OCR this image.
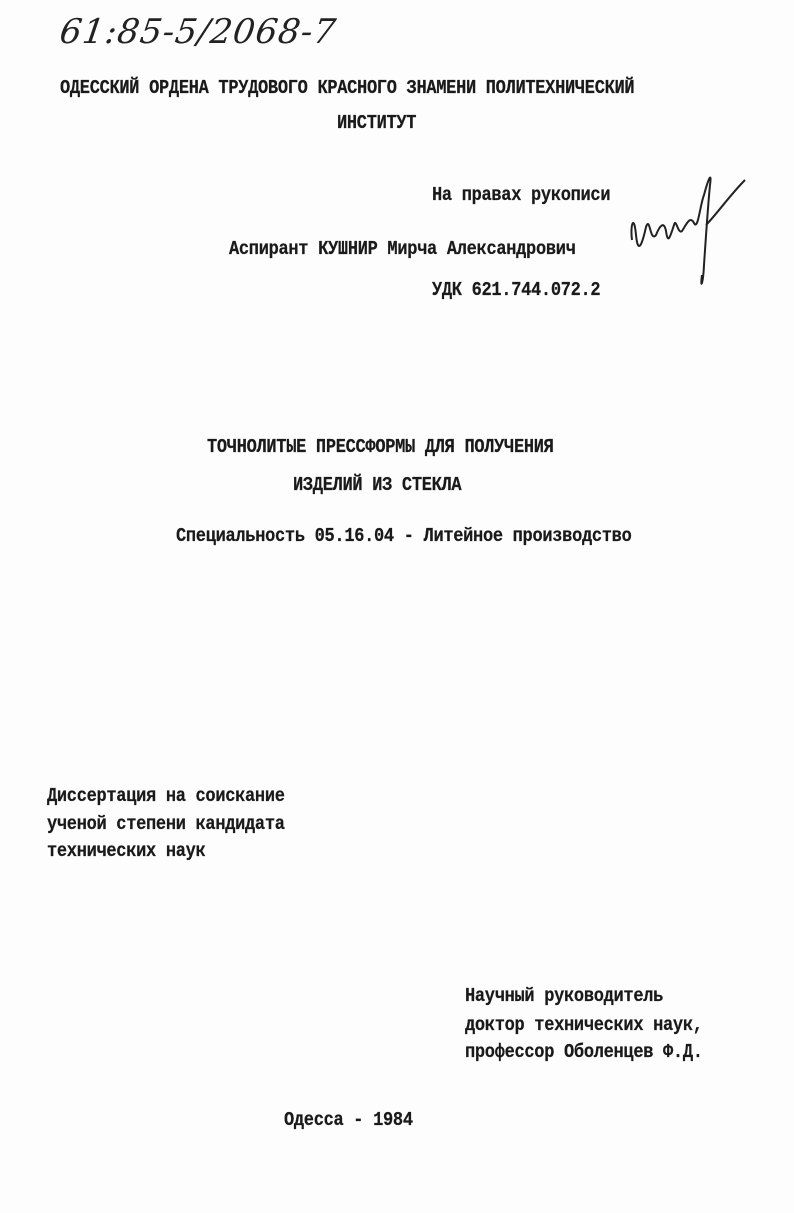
61:85-5/2068-7
ОДЕССКИЙ ОРДЕНА ТРУДОВОГО КРАСНОГО ЗНАМЕНИ ПОЛИТЕХНИЧЕСКИЙ
ИНСТИТУТ
На правах рукописи
Аспирант КУШНИР Мирча Александрович
УДК 621.744.072.2
ТОЧНОЛИТЫЕ ПРЕССФОРМЫ ДЛЯ ПОЛУЧЕНИЯ
ИЗДЕЛИЙ ИЗ СТЕКЛА
Специальность 05.16.04 - Литейное производство
Диссертация на соискание
ученой степени кандидата
технических наук
Научный руководитель
доктор технических наук,
профессор Оболенцев Ф.Д.
Одесса - 1984
